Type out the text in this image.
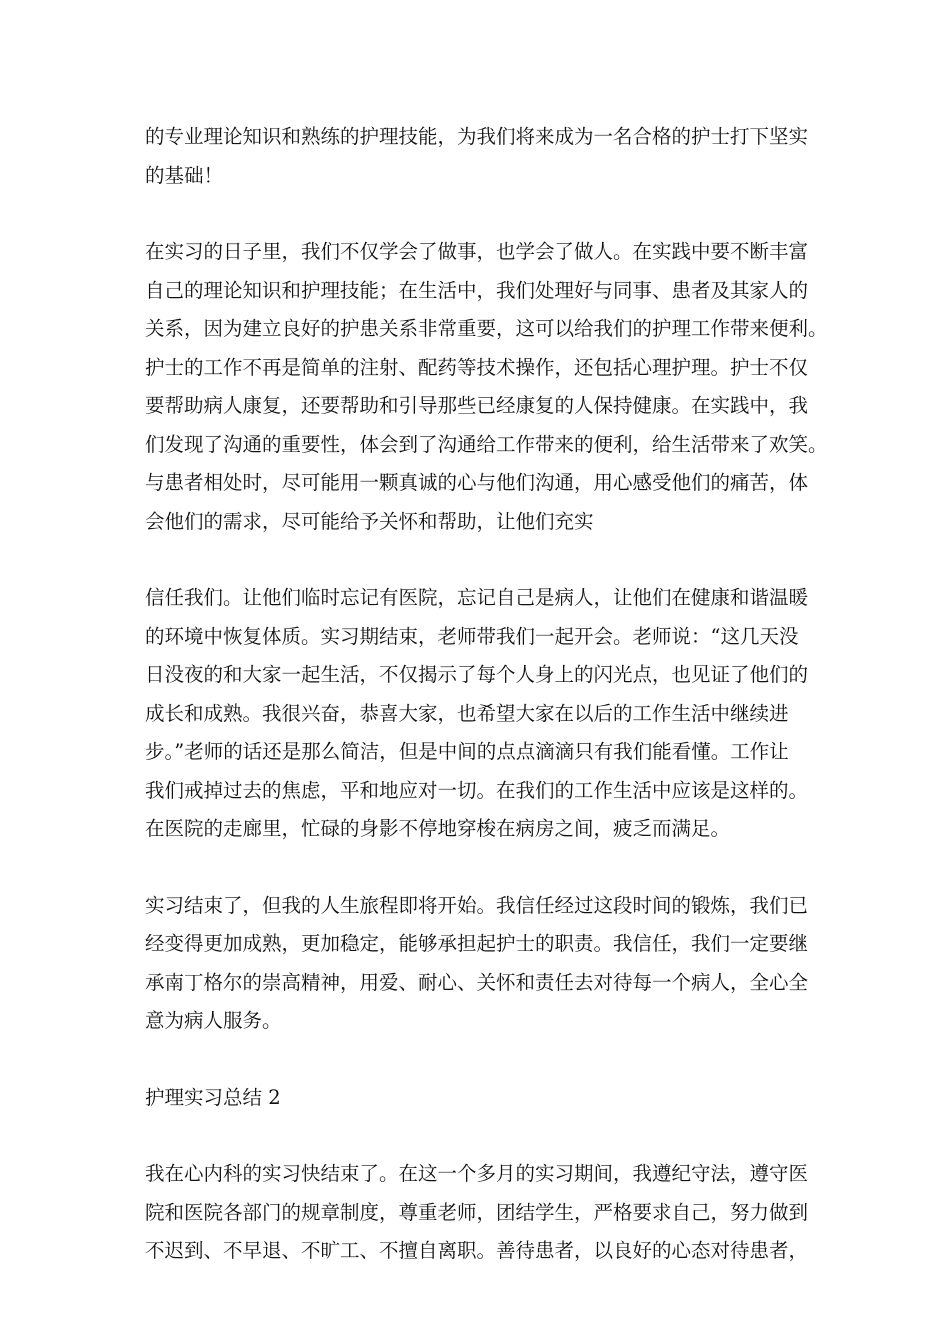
的专业理论知识和熟练的护理技能，为我们将来成为一名合格的护士打下坚实
的基础！
在实习的日子里，我们不仅学会了做事，也学会了做人。在实践中要不断丰富
自己的理论知识和护理技能；在生活中，我们处理好与同事、患者及其家人的
关系，因为建立良好的护患关系非常重要，这可以给我们的护理工作带来便利。
护士的工作不再是简单的注射、配药等技术操作，还包括心理护理。护士不仅
要帮助病人康复，还要帮助和引导那些已经康复的人保持健康。在实践中，我
们发现了沟通的重要性，体会到了沟通给工作带来的便利，给生活带来了欢笑。
与患者相处时，尽可能用一颗真诚的心与他们沟通，用心感受他们的痛苦，体
会他们的需求，尽可能给予关怀和帮助，让他们充实
信任我们。让他们临时忘记有医院，忘记自己是病人，让他们在健康和谐温暖
的环境中恢复体质。实习期结束，老师带我们一起开会。老师说：“这几天没
日没夜的和大家一起生活，不仅揭示了每个人身上的闪光点，也见证了他们的
成长和成熟。我很兴奋，恭喜大家，也希望大家在以后的工作生活中继续进
步。”老师的话还是那么简洁，但是中间的点点滴滴只有我们能看懂。工作让
我们戒掉过去的焦虑，平和地应对一切。在我们的工作生活中应该是这样的。
在医院的走廊里，忙碌的身影不停地穿梭在病房之间，疲乏而满足。
实习结束了，但我的人生旅程即将开始。我信任经过这段时间的锻炼，我们已
经变得更加成熟，更加稳定，能够承担起护士的职责。我信任，我们一定要继
承南丁格尔的崇高精神，用爱、耐心、关怀和责任去对待每一个病人，全心全
意为病人服务。
护理实习总结 2
我在心内科的实习快结束了。在这一个多月的实习期间，我遵纪守法，遵守医
院和医院各部门的规章制度，尊重老师，团结学生，严格要求自己，努力做到
不迟到、不早退、不旷工、不擅自离职。善待患者，以良好的心态对待患者，
